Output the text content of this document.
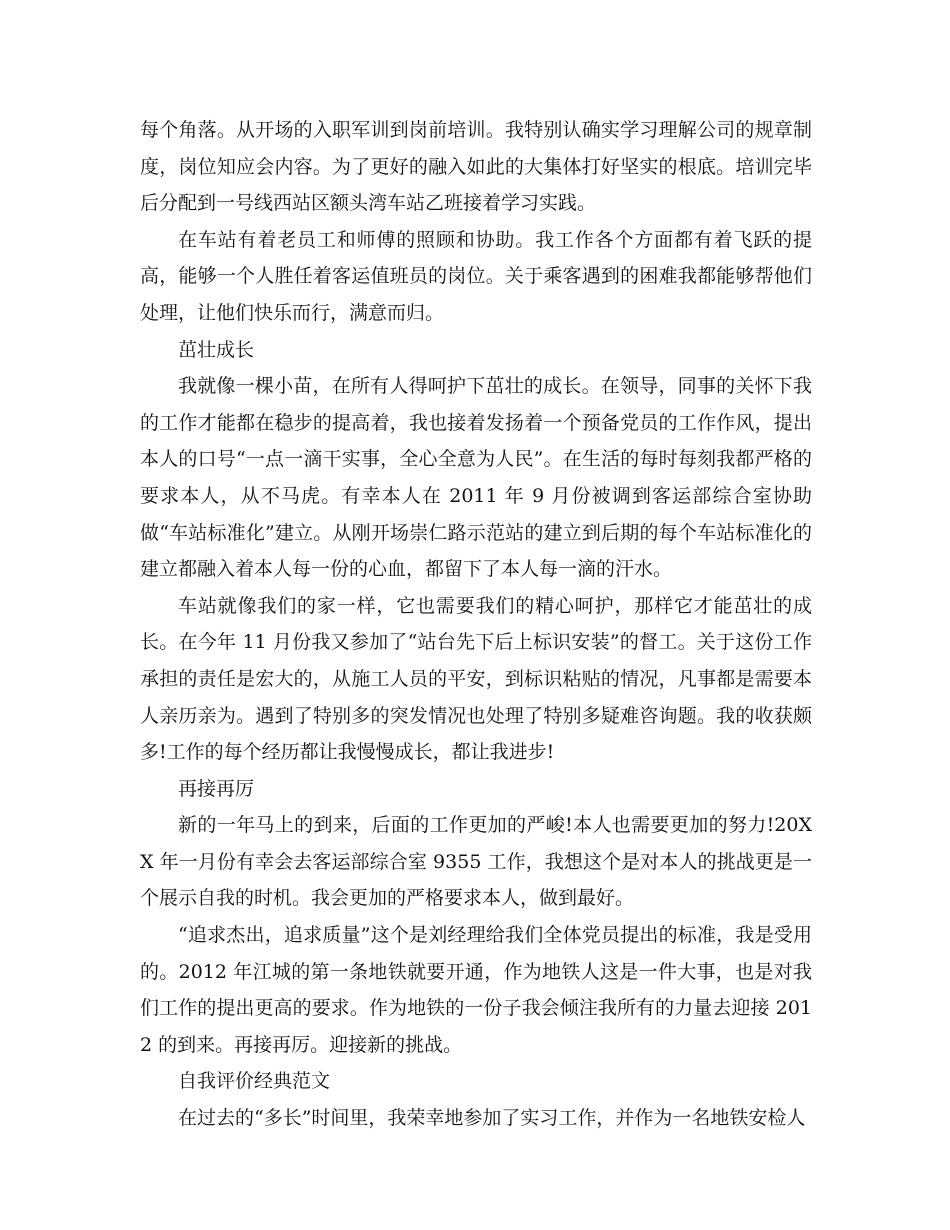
每个角落。从开场的入职军训到岗前培训。我特别认确实学习理解公司的规章制度，岗位知应会内容。为了更好的融入如此的大集体打好坚实的根底。培训完毕后分配到一号线西站区额头湾车站乙班接着学习实践。

在车站有着老员工和师傅的照顾和协助。我工作各个方面都有着飞跃的提高，能够一个人胜任着客运值班员的岗位。关于乘客遇到的困难我都能够帮他们处理，让他们快乐而行，满意而归。

茁壮成长

我就像一棵小苗，在所有人得呵护下茁壮的成长。在领导，同事的关怀下我的工作才能都在稳步的提高着，我也接着发扬着一个预备党员的工作作风，提出本人的口号“一点一滴干实事，全心全意为人民”。在生活的每时每刻我都严格的要求本人，从不马虎。有幸本人在 2011 年 9 月份被调到客运部综合室协助做“车站标准化”建立。从刚开场崇仁路示范站的建立到后期的每个车站标准化的建立都融入着本人每一份的心血，都留下了本人每一滴的汗水。

车站就像我们的家一样，它也需要我们的精心呵护，那样它才能茁壮的成长。在今年 11 月份我又参加了“站台先下后上标识安装”的督工。关于这份工作承担的责任是宏大的，从施工人员的平安，到标识粘贴的情况，凡事都是需要本人亲历亲为。遇到了特别多的突发情况也处理了特别多疑难咨询题。我的收获颇多!工作的每个经历都让我慢慢成长，都让我进步!

再接再厉

新的一年马上的到来，后面的工作更加的严峻!本人也需要更加的努力!20XX 年一月份有幸会去客运部综合室 9355 工作，我想这个是对本人的挑战更是一个展示自我的时机。我会更加的严格要求本人，做到最好。

“追求杰出，追求质量”这个是刘经理给我们全体党员提出的标准，我是受用的。2012 年江城的第一条地铁就要开通，作为地铁人这是一件大事，也是对我们工作的提出更高的要求。作为地铁的一份子我会倾注我所有的力量去迎接 2012 的到来。再接再厉。迎接新的挑战。

自我评价经典范文

在过去的“多长”时间里，我荣幸地参加了实习工作，并作为一名地铁安检人
